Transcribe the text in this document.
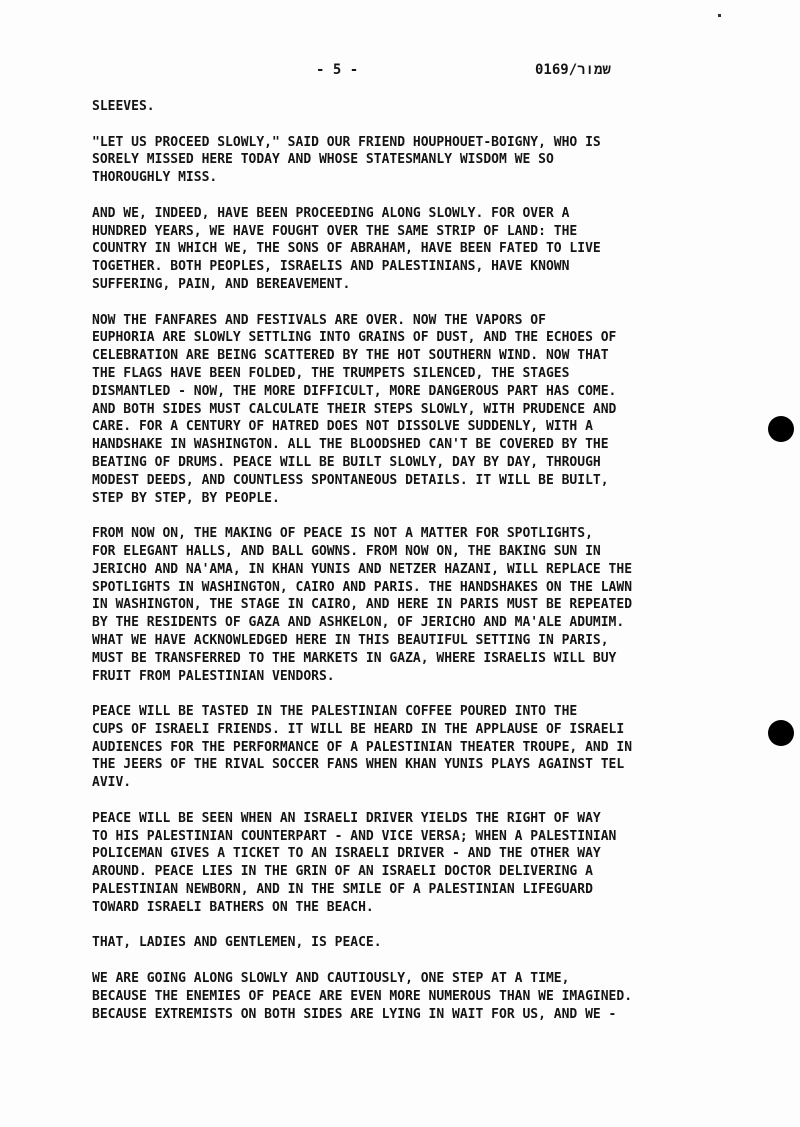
- 5 -	שמור/0169

SLEEVES.

"LET US PROCEED SLOWLY," SAID OUR FRIEND HOUPHOUET-BOIGNY, WHO IS
SORELY MISSED HERE TODAY AND WHOSE STATESMANLY WISDOM WE SO
THOROUGHLY MISS.

AND WE, INDEED, HAVE BEEN PROCEEDING ALONG SLOWLY. FOR OVER A
HUNDRED YEARS, WE HAVE FOUGHT OVER THE SAME STRIP OF LAND: THE
COUNTRY IN WHICH WE, THE SONS OF ABRAHAM, HAVE BEEN FATED TO LIVE
TOGETHER. BOTH PEOPLES, ISRAELIS AND PALESTINIANS, HAVE KNOWN
SUFFERING, PAIN, AND BEREAVEMENT.

NOW THE FANFARES AND FESTIVALS ARE OVER. NOW THE VAPORS OF
EUPHORIA ARE SLOWLY SETTLING INTO GRAINS OF DUST, AND THE ECHOES OF
CELEBRATION ARE BEING SCATTERED BY THE HOT SOUTHERN WIND. NOW THAT
THE FLAGS HAVE BEEN FOLDED, THE TRUMPETS SILENCED, THE STAGES
DISMANTLED - NOW, THE MORE DIFFICULT, MORE DANGEROUS PART HAS COME.
AND BOTH SIDES MUST CALCULATE THEIR STEPS SLOWLY, WITH PRUDENCE AND
CARE. FOR A CENTURY OF HATRED DOES NOT DISSOLVE SUDDENLY, WITH A
HANDSHAKE IN WASHINGTON. ALL THE BLOODSHED CAN'T BE COVERED BY THE
BEATING OF DRUMS. PEACE WILL BE BUILT SLOWLY, DAY BY DAY, THROUGH
MODEST DEEDS, AND COUNTLESS SPONTANEOUS DETAILS. IT WILL BE BUILT,
STEP BY STEP, BY PEOPLE.

FROM NOW ON, THE MAKING OF PEACE IS NOT A MATTER FOR SPOTLIGHTS,
FOR ELEGANT HALLS, AND BALL GOWNS. FROM NOW ON, THE BAKING SUN IN
JERICHO AND NA'AMA, IN KHAN YUNIS AND NETZER HAZANI, WILL REPLACE THE
SPOTLIGHTS IN WASHINGTON, CAIRO AND PARIS. THE HANDSHAKES ON THE LAWN
IN WASHINGTON, THE STAGE IN CAIRO, AND HERE IN PARIS MUST BE REPEATED
BY THE RESIDENTS OF GAZA AND ASHKELON, OF JERICHO AND MA'ALE ADUMIM.
WHAT WE HAVE ACKNOWLEDGED HERE IN THIS BEAUTIFUL SETTING IN PARIS,
MUST BE TRANSFERRED TO THE MARKETS IN GAZA, WHERE ISRAELIS WILL BUY
FRUIT FROM PALESTINIAN VENDORS.

PEACE WILL BE TASTED IN THE PALESTINIAN COFFEE POURED INTO THE
CUPS OF ISRAELI FRIENDS. IT WILL BE HEARD IN THE APPLAUSE OF ISRAELI
AUDIENCES FOR THE PERFORMANCE OF A PALESTINIAN THEATER TROUPE, AND IN
THE JEERS OF THE RIVAL SOCCER FANS WHEN KHAN YUNIS PLAYS AGAINST TEL
AVIV.

PEACE WILL BE SEEN WHEN AN ISRAELI DRIVER YIELDS THE RIGHT OF WAY
TO HIS PALESTINIAN COUNTERPART - AND VICE VERSA; WHEN A PALESTINIAN
POLICEMAN GIVES A TICKET TO AN ISRAELI DRIVER - AND THE OTHER WAY
AROUND. PEACE LIES IN THE GRIN OF AN ISRAELI DOCTOR DELIVERING A
PALESTINIAN NEWBORN, AND IN THE SMILE OF A PALESTINIAN LIFEGUARD
TOWARD ISRAELI BATHERS ON THE BEACH.

THAT, LADIES AND GENTLEMEN, IS PEACE.

WE ARE GOING ALONG SLOWLY AND CAUTIOUSLY, ONE STEP AT A TIME,
BECAUSE THE ENEMIES OF PEACE ARE EVEN MORE NUMEROUS THAN WE IMAGINED.
BECAUSE EXTREMISTS ON BOTH SIDES ARE LYING IN WAIT FOR US, AND WE -
